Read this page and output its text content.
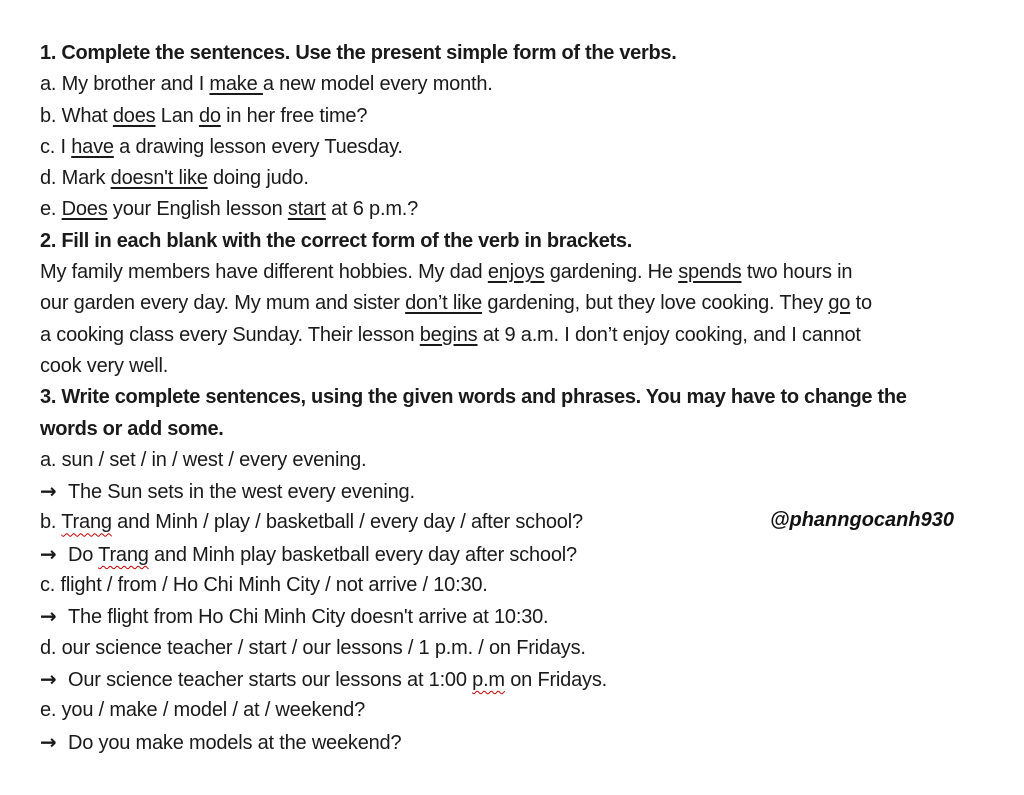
1. Complete the sentences. Use the present simple form of the verbs.
a. My brother and I make a new model every month.
b. What does Lan do in her free time?
c. I have a drawing lesson every Tuesday.
d. Mark doesn't like doing judo.
e. Does your English lesson start at 6 p.m.?
2. Fill in each blank with the correct form of the verb in brackets.
My family members have different hobbies. My dad enjoys gardening. He spends two hours in
our garden every day. My mum and sister don’t like gardening, but they love cooking. They go to
a cooking class every Sunday. Their lesson begins at 9 a.m. I don’t enjoy cooking, and I cannot
cook very well.
3. Write complete sentences, using the given words and phrases. You may have to change the
words or add some.
a. sun / set / in / west / every evening.
→ The Sun sets in the west every evening.
b. Trang and Minh / play / basketball / every day / after school?
→ Do Trang and Minh play basketball every day after school?
c. flight / from / Ho Chi Minh City / not arrive / 10:30.
→ The flight from Ho Chi Minh City doesn't arrive at 10:30.
d. our science teacher / start / our lessons / 1 p.m. / on Fridays.
→ Our science teacher starts our lessons at 1:00 p.m on Fridays.
e. you / make / model / at / weekend?
→ Do you make models at the weekend?
@phanngocanh930
